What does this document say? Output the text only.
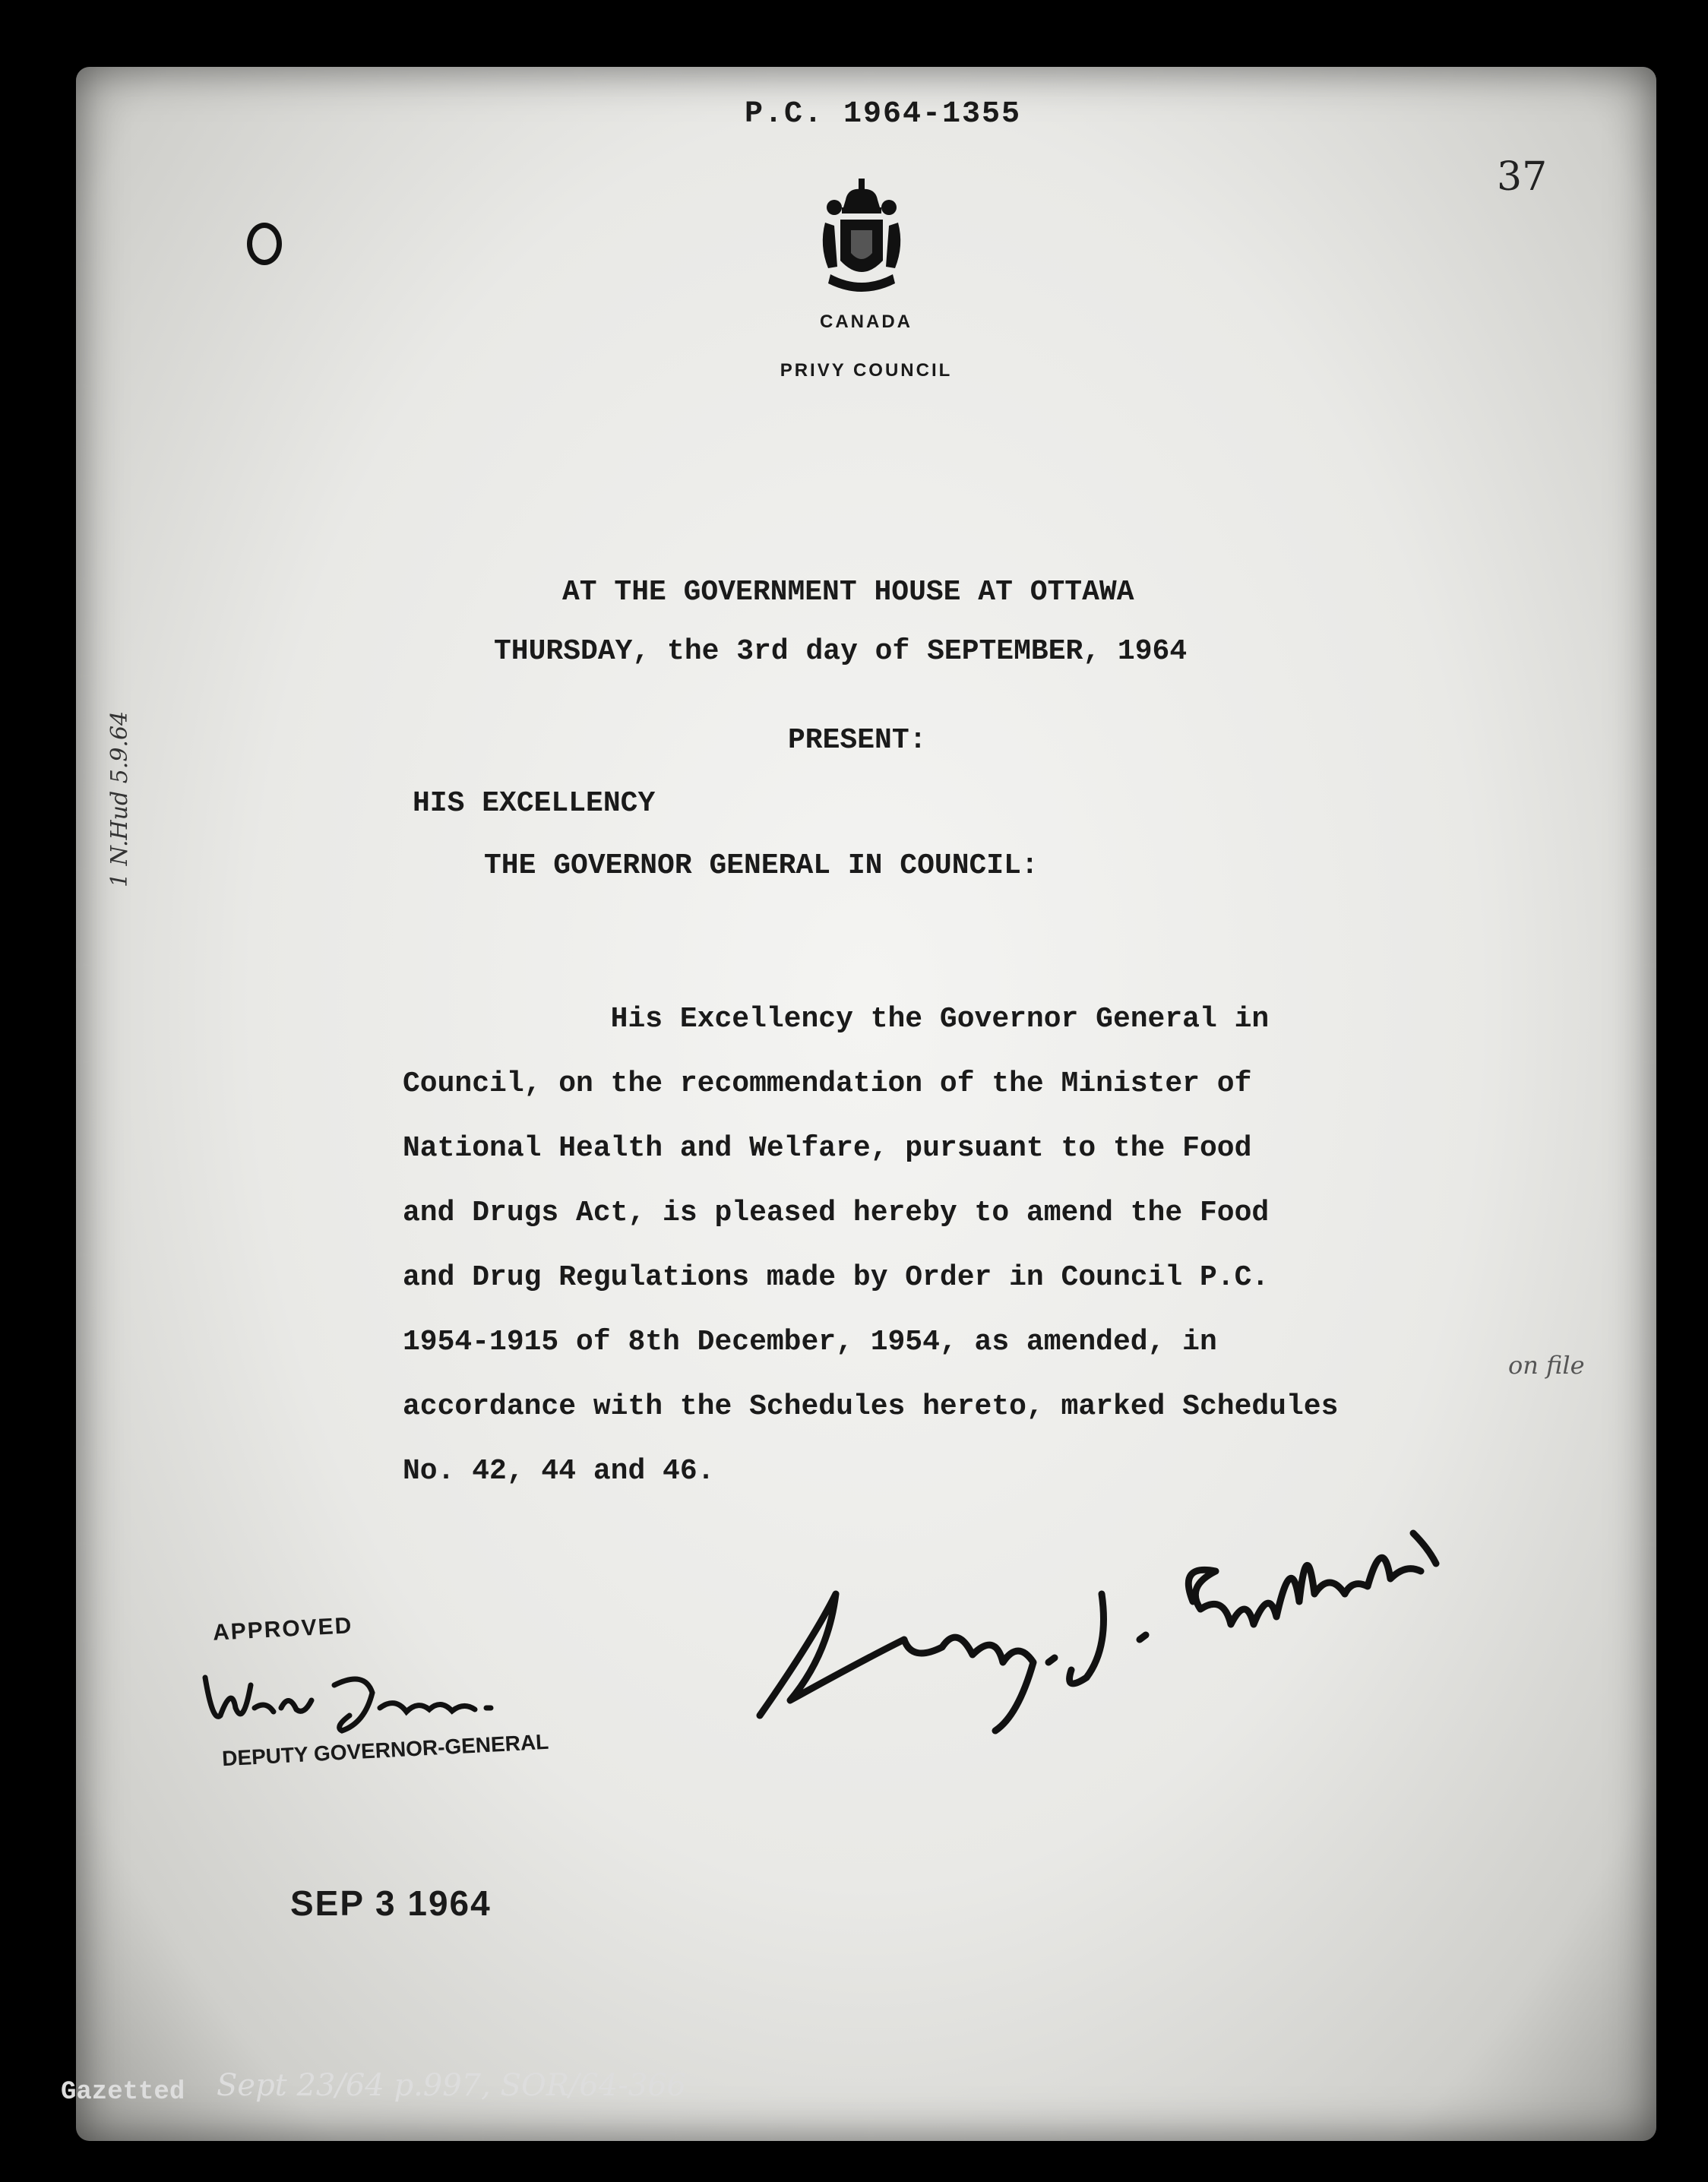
P.C. 1964-1355
37
CANADA
PRIVY COUNCIL
AT THE GOVERNMENT HOUSE AT OTTAWA
THURSDAY, the 3rd day of SEPTEMBER, 1964
PRESENT:
HIS EXCELLENCY
THE GOVERNOR GENERAL IN COUNCIL:
His Excellency the Governor General in
Council, on the recommendation of the Minister of
National Health and Welfare, pursuant to the Food
and Drugs Act, is pleased hereby to amend the Food
and Drug Regulations made by Order in Council P.C.
1954-1915 of 8th December, 1954, as amended, in
accordance with the Schedules hereto, marked Schedules
No. 42, 44 and 46.
1 N.Hud 5.9.64
on file
APPROVED
DEPUTY GOVERNOR-GENERAL
SEP 3 1964
Gazetted Sept 23/64 p.997, SOR/64-366
